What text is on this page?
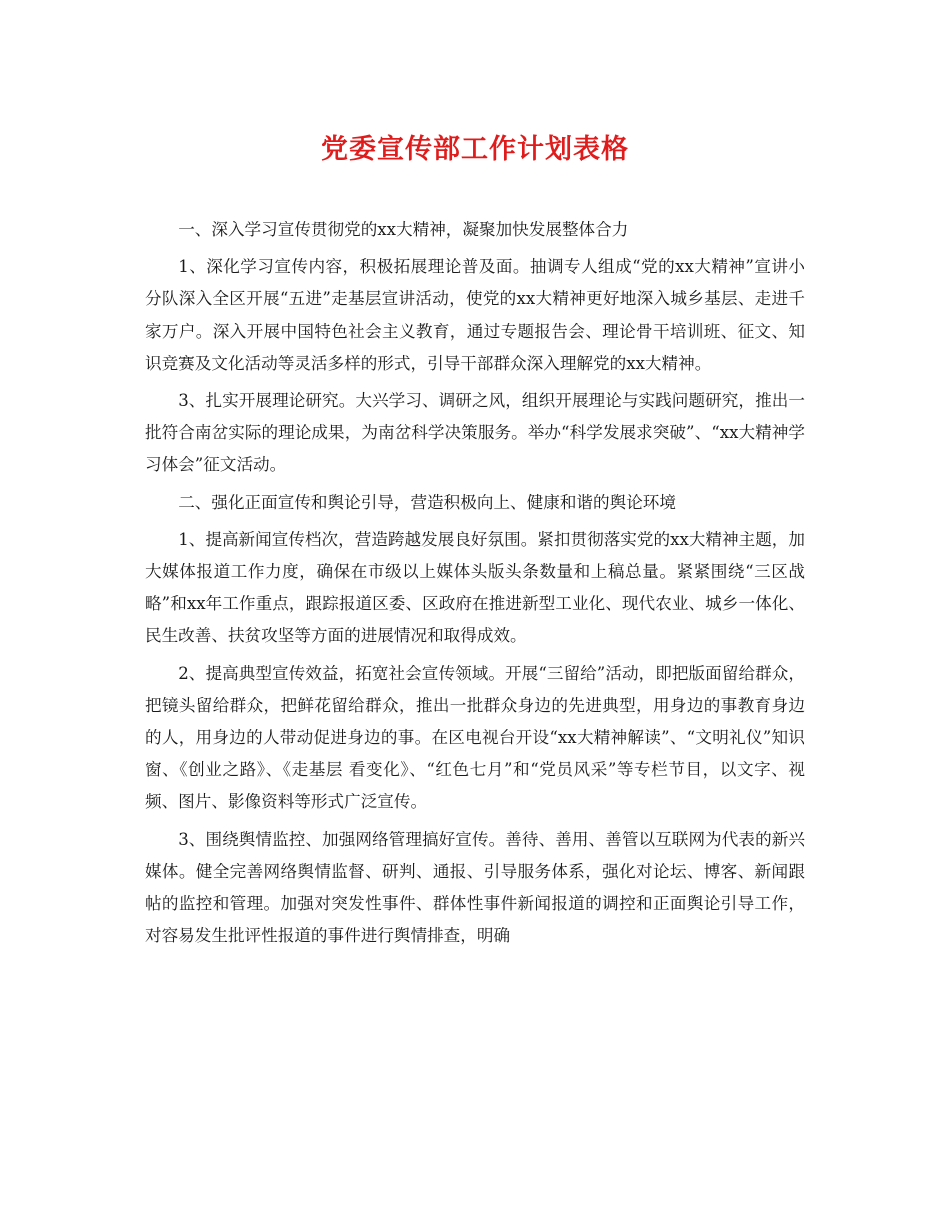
党委宣传部工作计划表格

一、深入学习宣传贯彻党的xx大精神，凝聚加快发展整体合力

1、深化学习宣传内容，积极拓展理论普及面。抽调专人组成“党的xx大精神”宣讲小分队深入全区开展“五进”走基层宣讲活动，使党的xx大精神更好地深入城乡基层、走进千家万户。深入开展中国特色社会主义教育，通过专题报告会、理论骨干培训班、征文、知识竞赛及文化活动等灵活多样的形式，引导干部群众深入理解党的xx大精神。

3、扎实开展理论研究。大兴学习、调研之风，组织开展理论与实践问题研究，推出一批符合南岔实际的理论成果，为南岔科学决策服务。举办“科学发展求突破”、“xx大精神学习体会”征文活动。

二、强化正面宣传和舆论引导，营造积极向上、健康和谐的舆论环境

1、提高新闻宣传档次，营造跨越发展良好氛围。紧扣贯彻落实党的xx大精神主题，加大媒体报道工作力度，确保在市级以上媒体头版头条数量和上稿总量。紧紧围绕“三区战略”和xx年工作重点，跟踪报道区委、区政府在推进新型工业化、现代农业、城乡一体化、民生改善、扶贫攻坚等方面的进展情况和取得成效。

2、提高典型宣传效益，拓宽社会宣传领域。开展“三留给”活动，即把版面留给群众，把镜头留给群众，把鲜花留给群众，推出一批群众身边的先进典型，用身边的事教育身边的人，用身边的人带动促进身边的事。在区电视台开设“xx大精神解读”、“文明礼仪”知识窗、《创业之路》、《走基层 看变化》、“红色七月”和“党员风采”等专栏节目，以文字、视频、图片、影像资料等形式广泛宣传。

3、围绕舆情监控、加强网络管理搞好宣传。善待、善用、善管以互联网为代表的新兴媒体。健全完善网络舆情监督、研判、通报、引导服务体系，强化对论坛、博客、新闻跟帖的监控和管理。加强对突发性事件、群体性事件新闻报道的调控和正面舆论引导工作，对容易发生批评性报道的事件进行舆情排查，明确
